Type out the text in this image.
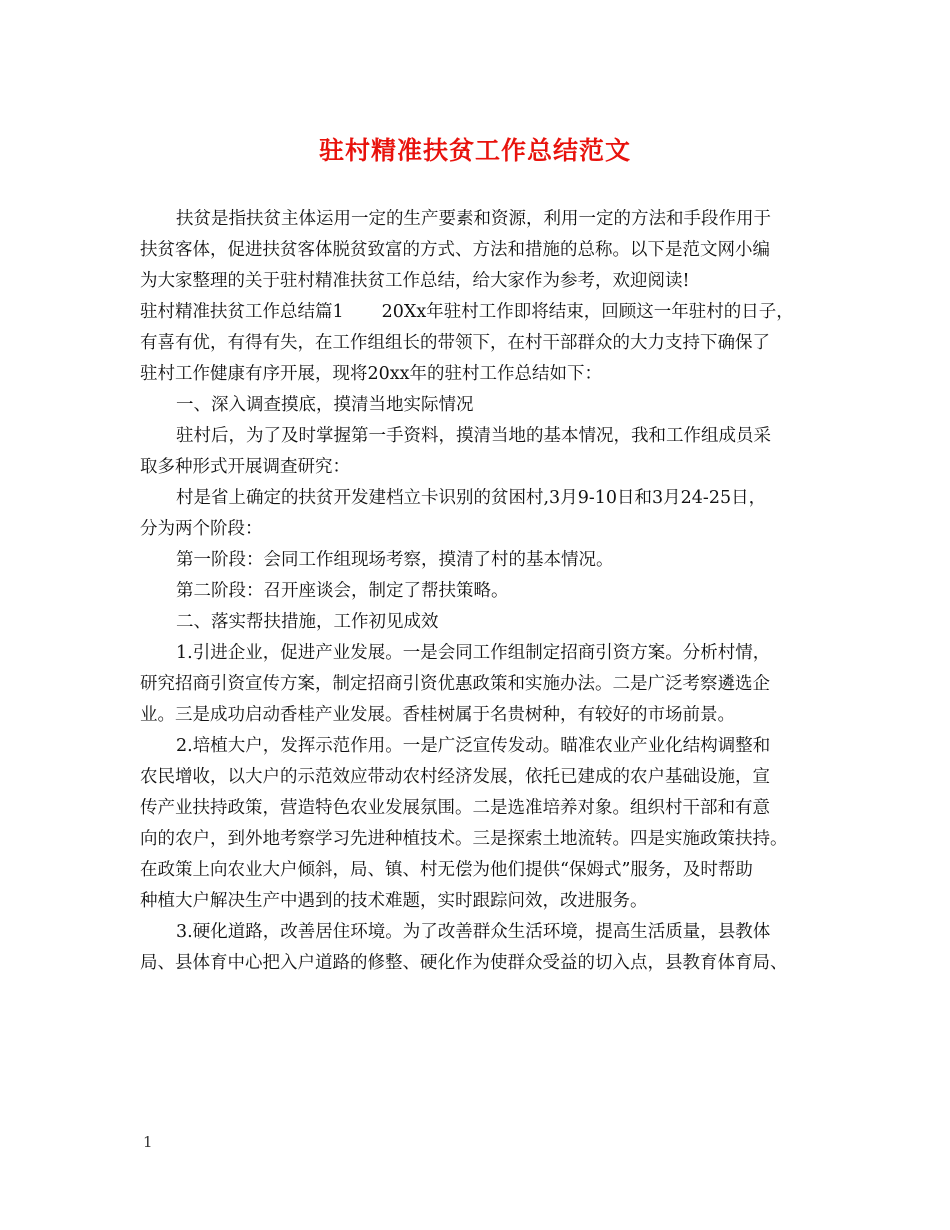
驻村精准扶贫工作总结范文
扶贫是指扶贫主体运用一定的生产要素和资源，利用一定的方法和手段作用于
扶贫客体，促进扶贫客体脱贫致富的方式、方法和措施的总称。以下是范文网小编
为大家整理的关于驻村精准扶贫工作总结，给大家作为参考，欢迎阅读!
驻村精准扶贫工作总结篇1 20Xx年驻村工作即将结束，回顾这一年驻村的日子，
有喜有优，有得有失，在工作组组长的带领下，在村干部群众的大力支持下确保了
驻村工作健康有序开展，现将20xx年的驻村工作总结如下：
一、深入调查摸底，摸清当地实际情况
驻村后，为了及时掌握第一手资料，摸清当地的基本情况，我和工作组成员采
取多种形式开展调查研究：
村是省上确定的扶贫开发建档立卡识别的贫困村,3月9-10日和3月24-25日，
分为两个阶段：
第一阶段：会同工作组现场考察，摸清了村的基本情况。
第二阶段：召开座谈会，制定了帮扶策略。
二、落实帮扶措施，工作初见成效
1.引进企业，促进产业发展。一是会同工作组制定招商引资方案。分析村情，
研究招商引资宣传方案，制定招商引资优惠政策和实施办法。二是广泛考察遴选企
业。三是成功启动香桂产业发展。香桂树属于名贵树种，有较好的市场前景。
2.培植大户，发挥示范作用。一是广泛宣传发动。瞄准农业产业化结构调整和
农民增收，以大户的示范效应带动农村经济发展，依托已建成的农户基础设施，宣
传产业扶持政策，营造特色农业发展氛围。二是选准培养对象。组织村干部和有意
向的农户，到外地考察学习先进种植技术。三是探索土地流转。四是实施政策扶持。
在政策上向农业大户倾斜，局、镇、村无偿为他们提供“保姆式”服务，及时帮助
种植大户解决生产中遇到的技术难题，实时跟踪问效，改进服务。
3.硬化道路，改善居住环境。为了改善群众生活环境，提高生活质量，县教体
局、县体育中心把入户道路的修整、硬化作为使群众受益的切入点，县教育体育局、
1
